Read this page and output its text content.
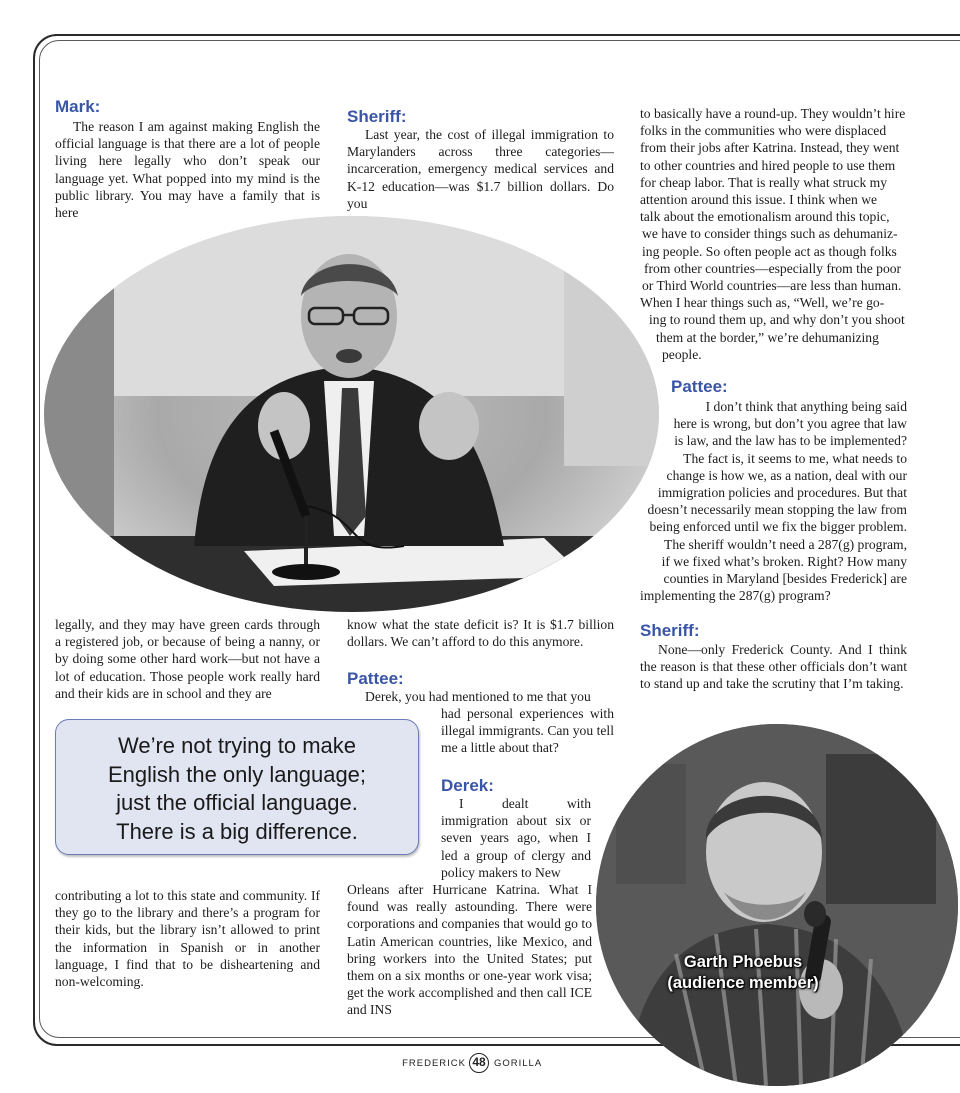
Mark:

The reason I am against making English the official language is that there are a lot of people living here legally who don’t speak our language yet. What popped into my mind is the public library. You may have a family that is here

legally, and they may have green cards through a registered job, or because of being a nanny, or by doing some other hard work—but not have a lot of education. Those people work really hard and their kids are in school and they are

We’re not trying to make
English the only language;
just the official language.
There is a big difference.

contributing a lot to this state and community. If they go to the library and there’s a program for their kids, but the library isn’t allowed to print the information in Spanish or in another language, I find that to be disheartening and non-welcoming.

Sheriff:

Last year, the cost of illegal immigration to Marylanders across three categories— incarceration, emergency medical services and K-12 education—was $1.7 billion dollars. Do you

know what the state deficit is? It is $1.7 billion dollars. We can’t afford to do this anymore.

Pattee:

Derek, you had mentioned to me that you

had personal experiences with illegal immigrants. Can you tell me a little about that?

Derek:

I dealt with immigration about six or seven years ago, when I led a group of clergy and policy makers to New

Orleans after Hurricane Katrina. What I found was really astounding. There were corporations and companies that would go to Latin American countries, like Mexico, and bring workers into the United States; put them on a six months or one-year work visa; get the work accomplished and then call ICE and INS

to basically have a round-up. They wouldn’t hire
folks in the communities who were displaced
from their jobs after Katrina. Instead, they went
to other countries and hired people to use them
for cheap labor. That is really what struck my
attention around this issue. I think when we
talk about the emotionalism around this topic,
we have to consider things such as dehumaniz-
ing people. So often people act as though folks
from other countries—especially from the poor
or Third World countries—are less than human.
When I hear things such as, “Well, we’re go-
ing to round them up, and why don’t you shoot
them at the border,” we’re dehumanizing
people.
Pattee:
I don’t think that anything being said
here is wrong, but don’t you agree that law
is law, and the law has to be implemented?
The fact is, it seems to me, what needs to
change is how we, as a nation, deal with our
immigration policies and procedures. But that
doesn’t necessarily mean stopping the law from
being enforced until we fix the bigger problem.
The sheriff wouldn’t need a 287(g) program,
if we fixed what’s broken. Right? How many
counties in Maryland [besides Frederick] are
implementing the 287(g) program?
Sheriff:

None—only Frederick County. And I think the reason is that these other officials don’t want to stand up and take the scrutiny that I’m taking.

Garth Phoebus
(audience member)
FREDERICK 48 GORILLA
